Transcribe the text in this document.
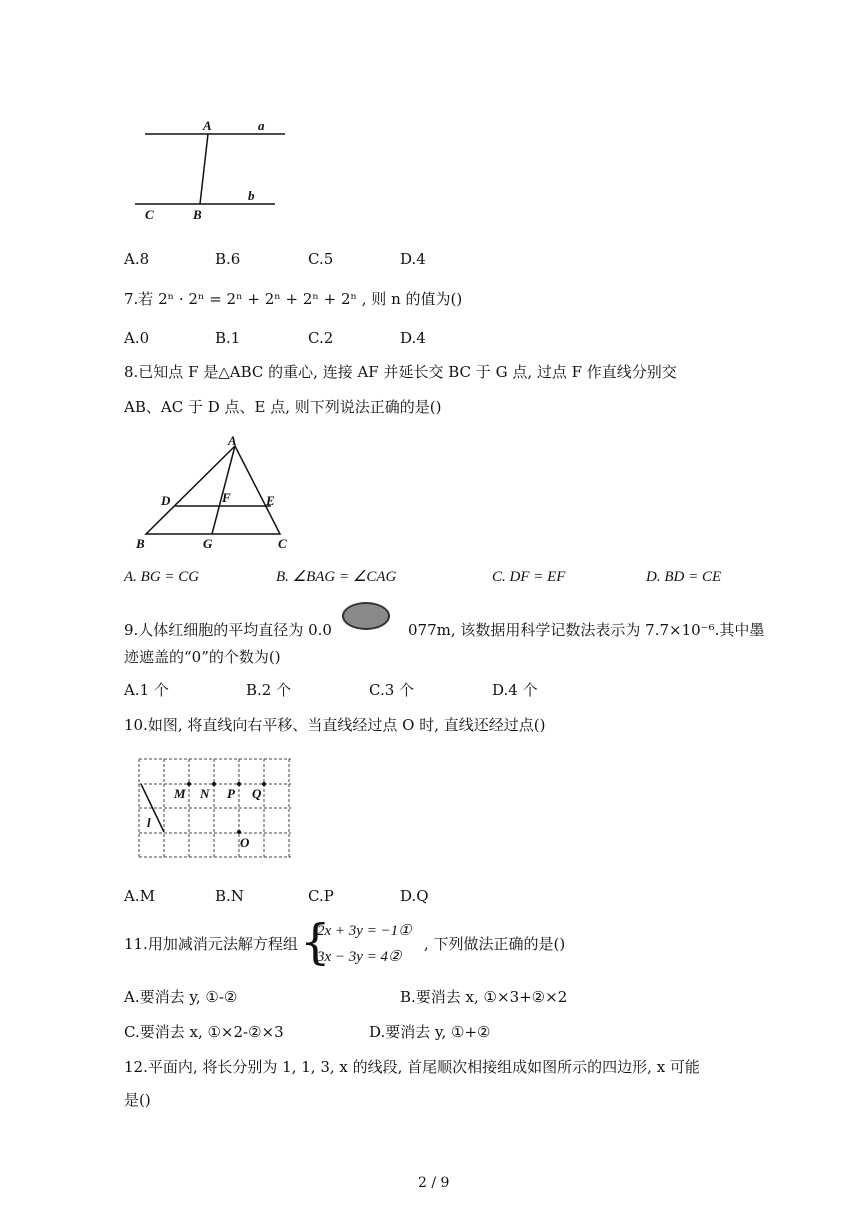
A	a
b
C	B
A.8	B.6	C.5	D.4
7.若 2ⁿ · 2ⁿ = 2ⁿ + 2ⁿ + 2ⁿ + 2ⁿ , 则 n 的值为()
A.0	B.1	C.2	D.4
8.已知点 F 是△ABC 的重心, 连接 AF 并延长交 BC 于 G 点, 过点 F 作直线分别交
AB、AC 于 D 点、E 点, 则下列说法正确的是()
A
D	F	E
B	G	C
A. BG = CG	B. ∠BAG = ∠CAG	C. DF = EF	D. BD = CE
9.人体红细胞的平均直径为 0.0	077m, 该数据用科学记数法表示为 7.7×10⁻⁶.其中墨
迹遮盖的“0”的个数为()
A.1 个	B.2 个	C.3 个	D.4 个
10.如图, 将直线向右平移、当直线经过点 O 时, 直线还经过点()
M N P Q
l
O
A.M	B.N	C.P	D.Q
11.用加减消元法解方程组 {
2x + 3y = −1①
3x − 3y = 4②
, 下列做法正确的是()
A.要消去 y, ①-②	B.要消去 x, ①×3+②×2
C.要消去 x, ①×2-②×3	D.要消去 y, ①+②
12.平面内, 将长分别为 1, 1, 3, x 的线段, 首尾顺次相接组成如图所示的四边形, x 可能
是()
2 / 9
